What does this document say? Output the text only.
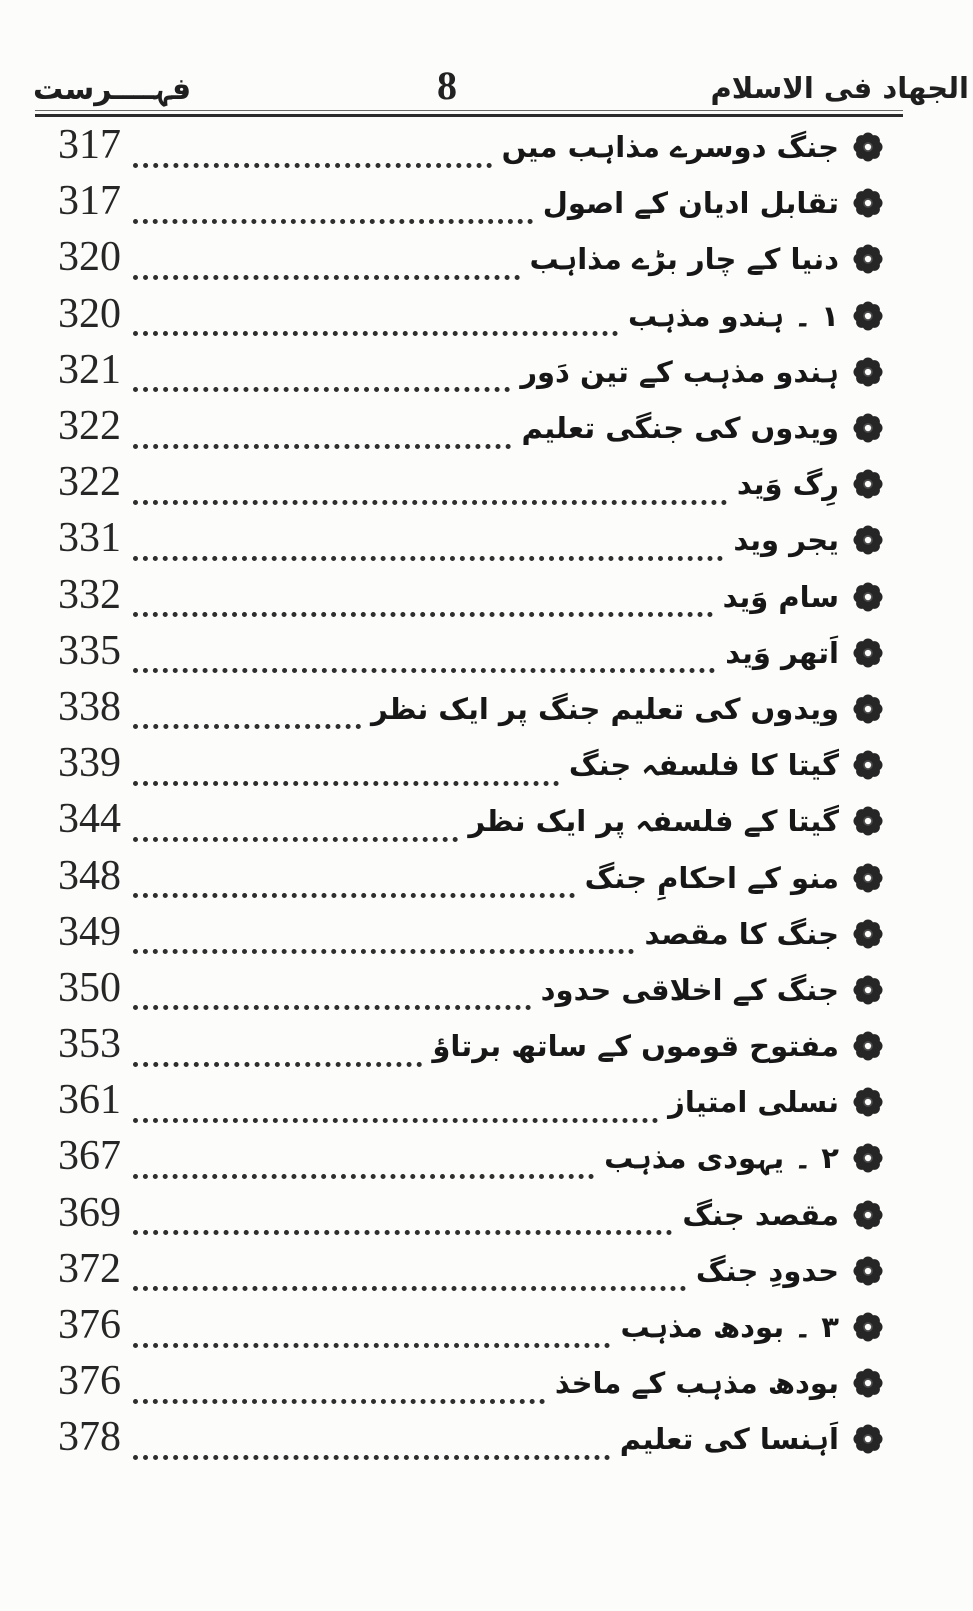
فہــــرست	8	الجهاد فی الاسلام
جنگ دوسرے مذاہب میں
317
تقابل ادیان کے اصول
317
دنیا کے چار بڑے مذاہب
320
۱ ۔ ہندو مذہب
320
ہندو مذہب کے تین دَور
321
ویدوں کی جنگی تعلیم
322
رِگ وَید
322
یجر وید
331
سام وَید
332
اَتھر وَید
335
ویدوں کی تعلیم جنگ پر ایک نظر
338
گیتا کا فلسفہ جنگ
339
گیتا کے فلسفہ پر ایک نظر
344
منو کے احکامِ جنگ
348
جنگ کا مقصد
349
جنگ کے اخلاقی حدود
350
مفتوح قوموں کے ساتھ برتاؤ
353
نسلی امتیاز
361
۲ ۔ یہودی مذہب
367
مقصد جنگ
369
حدودِ جنگ
372
۳ ۔ بودھ مذہب
376
بودھ مذہب کے ماخذ
376
اَہنسا کی تعلیم
378
